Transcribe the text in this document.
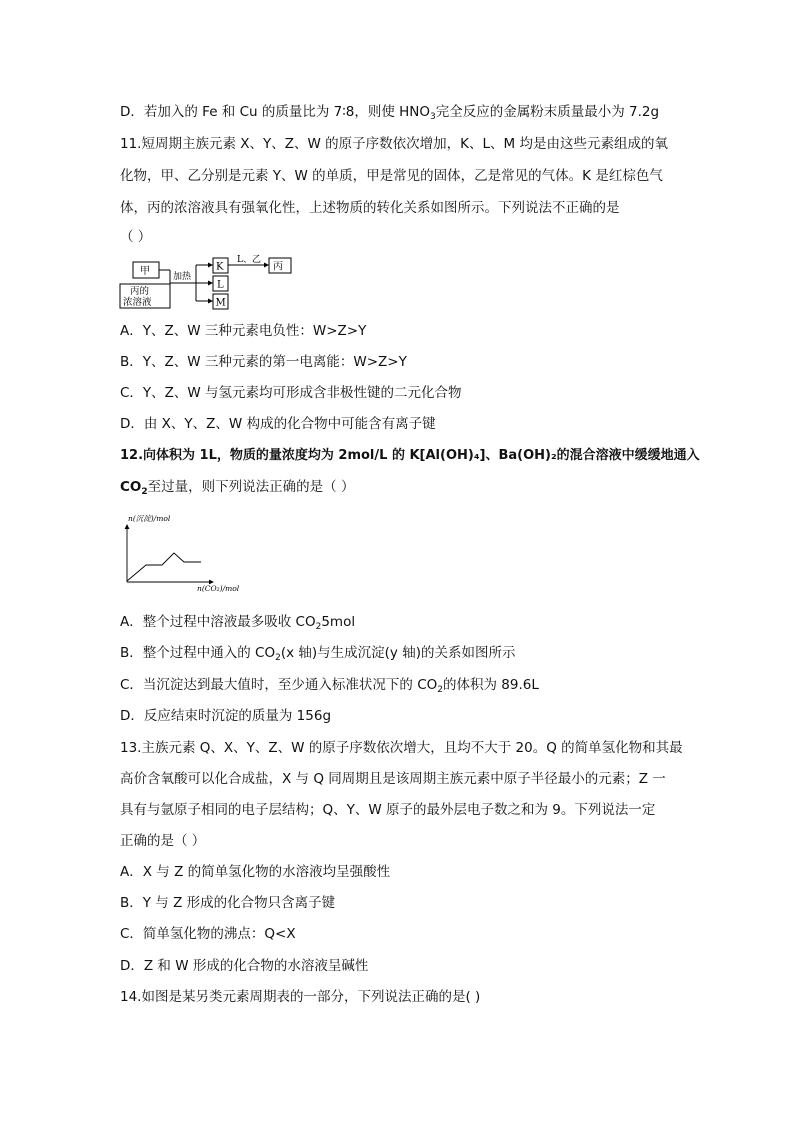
D．若加入的 Fe 和 Cu 的质量比为 7∶8，则使 $HNO_3$完全反应的金属粉末质量最小为 7.2g
11.短周期主族元素 X、Y、Z、W 的原子序数依次增加，K、L、M 均是由这些元素组成的氧
化物，甲、乙分别是元素 Y、W 的单质，甲是常见的固体，乙是常见的气体。K 是红棕色气
体，丙的浓溶液具有强氧化性，上述物质的转化关系如图所示。下列说法不正确的是
（ ）
甲
丙的
浓溶液
加热
K
L
M
L、乙
丙
A．Y、Z、W 三种元素电负性：W>Z>Y
B．Y、Z、W 三种元素的第一电离能：W>Z>Y
C．Y、Z、W 与氢元素均可形成含非极性键的二元化合物
D．由 X、Y、Z、W 构成的化合物中可能含有离子键
12.向体积为 1L，物质的量浓度均为 2mol/L 的 K[Al(OH)₄]、Ba(OH)₂的混合溶液中缓缓地通入
$CO_2$至过量，则下列说法正确的是（ ）
n(沉淀)/mol
n(CO₂)/mol
A．整个过程中溶液最多吸收 $CO_25mol$
B．整个过程中通入的 $CO_2(x$ 轴)与生成沉淀(y 轴)的关系如图所示
C．当沉淀达到最大值时，至少通入标准状况下的 $CO_2$的体积为 89.6L
D．反应结束时沉淀的质量为 156g
13.主族元素 Q、X、Y、Z、W 的原子序数依次增大，且均不大于 20。Q 的简单氢化物和其最
高价含氧酸可以化合成盐，X 与 Q 同周期且是该周期主族元素中原子半径最小的元素；Z 一
具有与氩原子相同的电子层结构；Q、Y、W 原子的最外层电子数之和为 9。下列说法一定
正确的是（ ）
A．X 与 Z 的简单氢化物的水溶液均呈强酸性
B．Y 与 Z 形成的化合物只含离子键
C．简单氢化物的沸点：Q<X
D．Z 和 W 形成的化合物的水溶液呈碱性
14.如图是某另类元素周期表的一部分，下列说法正确的是( )
